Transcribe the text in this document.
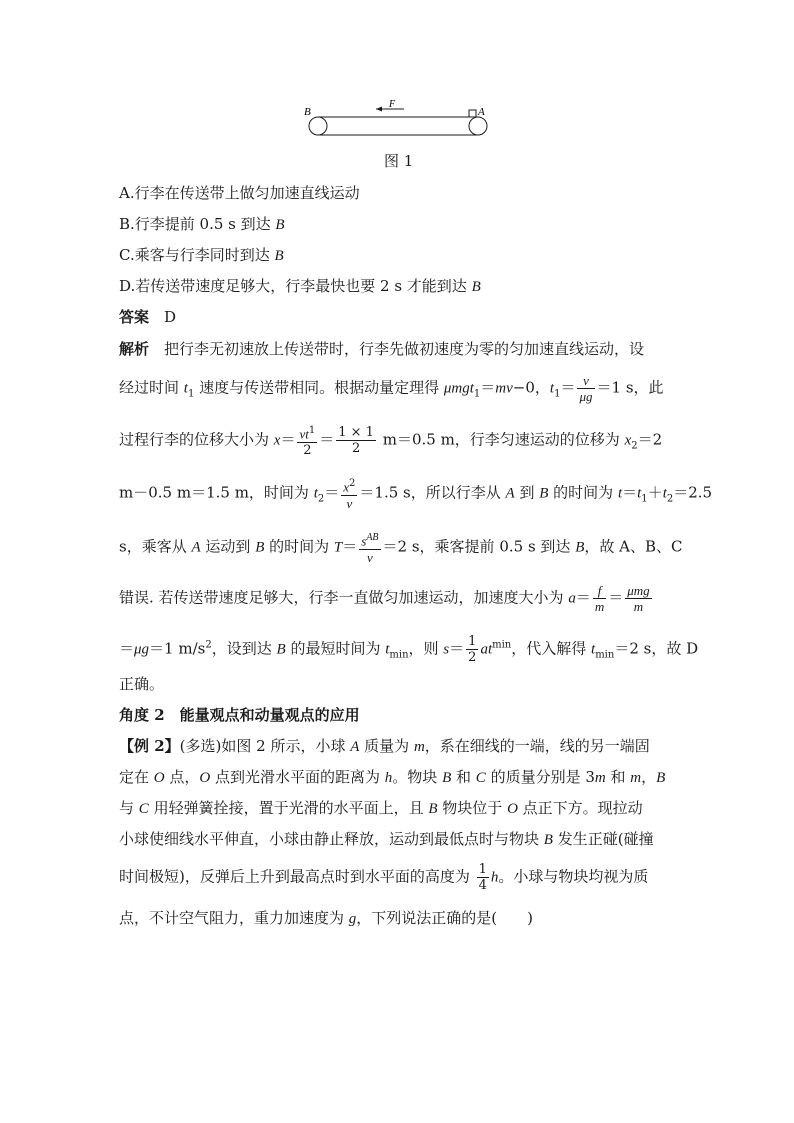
B
F
A
图 1
A.行李在传送带上做匀加速直线运动
B.行李提前 0.5 s 到达 B
C.乘客与行李同时到达 B
D.若传送带速度足够大，行李最快也要 2 s 才能到达 B
答案　 D
解析　 把行李无初速放上传送带时，行李先做初速度为零的匀加速直线运动，设
经过时间 $t_1$ 速度与传送带相同。根据动量定理得 μmgt$_1$＝mv−0，$t_1= \frac{v}{\mu g} =1$ s，此
过程行李的位移大小为 $x= \frac{vt^1}{2} = \frac{1 \times 1}{2} m=0.5$ m，行李匀速运动的位移为 $x_2=2$
m－0.5 m＝1.5 m，时间为 $t_2= \frac{x^2}{v} =1.5$ s，所以行李从 A 到 B 的时间为 $t=t_1+t_2=2.5$
s，乘客从 A 运动到 B 的时间为 $T= \frac{s^{AB}}{v} =2$ s，乘客提前 0.5 s 到达 B，故 A、B、C
错误. 若传送带速度足够大，行李一直做匀加速运动，加速度大小为 $a= \frac{f}{m} = \frac{\text{μmg}}{m}$
＝μg＝1 $m/s^2$，设到达 B 的最短时间为 $t_{min}$，则 $s= \frac{1}{2} at^{min}$，代入解得 $t_{min}=2$ s，故 D
正确。
角度 2　能量观点和动量观点的应用
【例 2】(多选)如图 2 所示，小球 A 质量为 m，系在细线的一端，线的另一端固
定在 O 点，O 点到光滑水平面的距离为 h。物块 B 和 C 的质量分别是 3m 和 m，B
与 C 用轻弹簧拴接，置于光滑的水平面上，且 B 物块位于 O 点正下方。现拉动
小球使细线水平伸直，小球由静止释放，运动到最低点时与物块 B 发生正碰(碰撞
时间极短)，反弹后上升到最高点时到水平面的高度为 $\frac{1}{4}$ h。小球与物块均视为质
点，不计空气阻力，重力加速度为 g，下列说法正确的是(　　)
